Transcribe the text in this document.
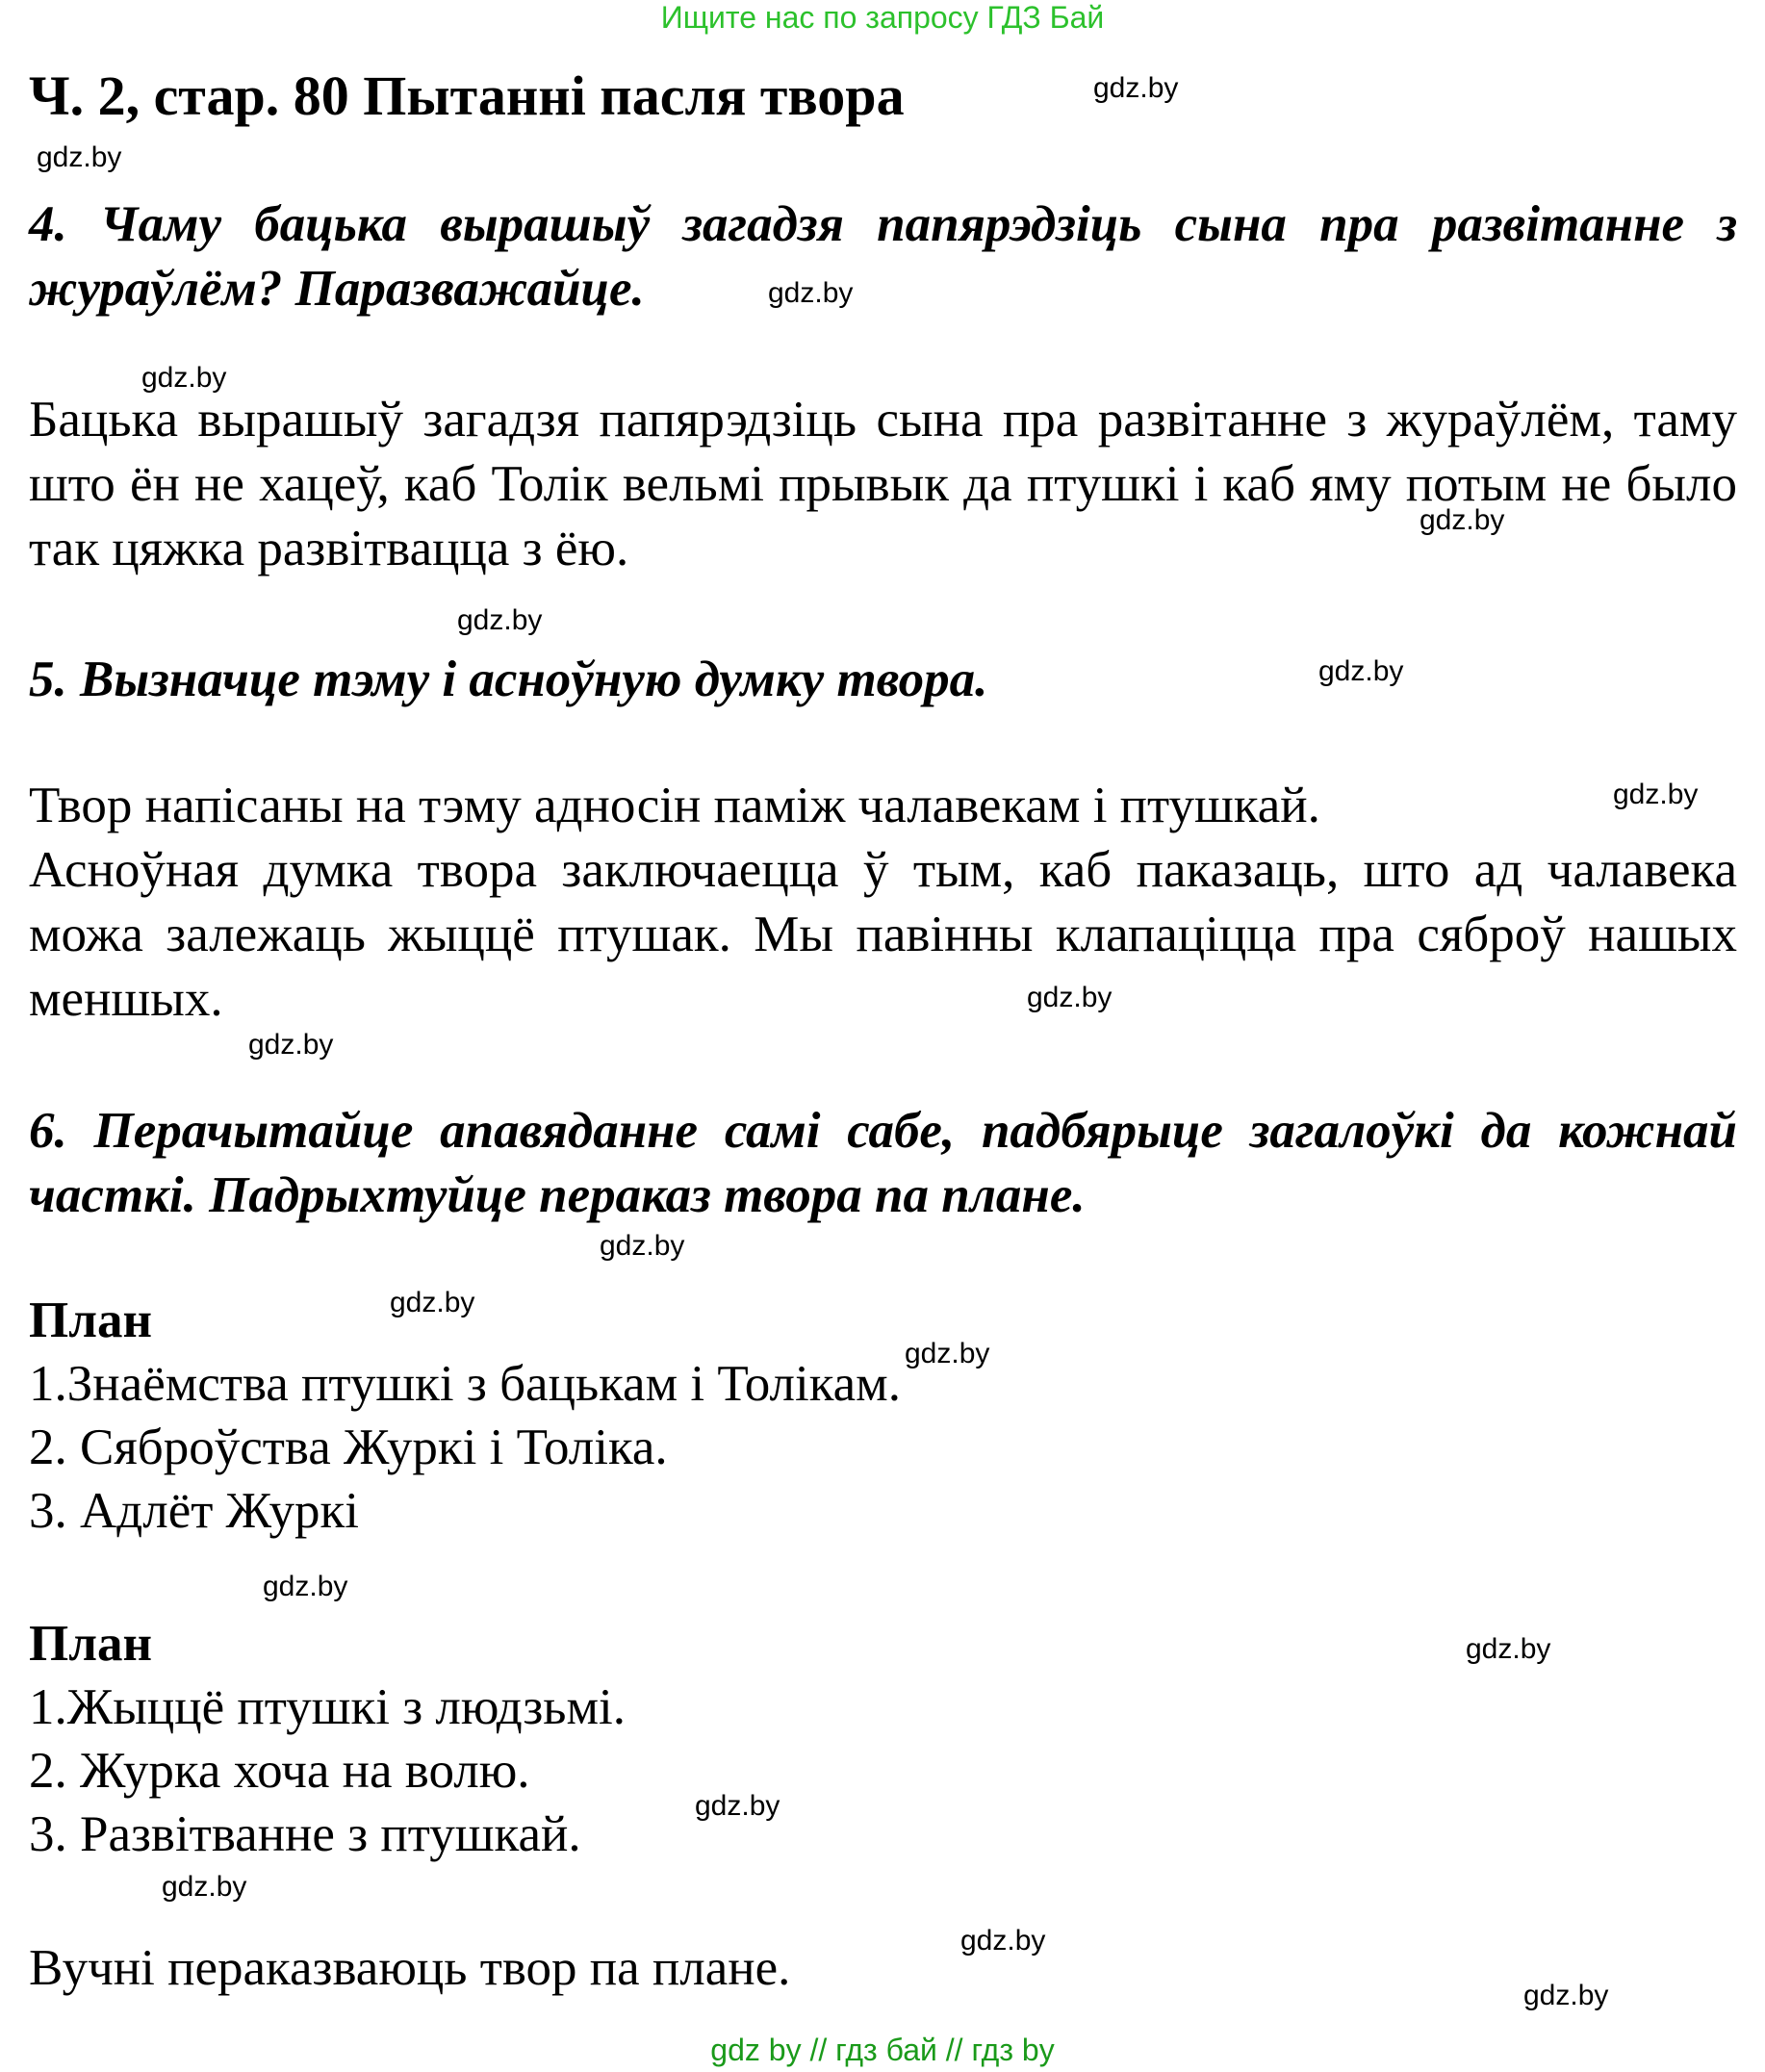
Ищите нас по запросу ГДЗ Бай
Ч. 2, стар. 80 Пытанні пасля твора
4. Чаму бацька вырашыў загадзя папярэдзіць сына пра развітанне з жураўлём? Паразважайце.
Бацька вырашыў загадзя папярэдзіць сына пра развітанне з жураўлём, таму што ён не хацеў, каб Толік вельмі прывык да птушкі і каб яму потым не было так цяжка развітвацца з ёю.
5. Вызначце тэму і асноўную думку твора.
Твор напісаны на тэму адносін паміж чалавекам і птушкай.
Асноўная думка твора заключаецца ў тым, каб паказаць, што ад чалавека можа залежаць жыццё птушак. Мы павінны клапаціцца пра сяброў нашых меншых.
6. Перачытайце апавяданне самі сабе, падбярыце загалоўкі да кожнай часткі. Падрыхтуйце пераказ твора па плане.
План
1.Знаёмства птушкі з бацькам і Толікам.
2. Сяброўства Журкі і Толіка.
3. Адлёт Журкі
План
1.Жыццё птушкі з людзьмі.
2. Журка хоча на волю.
3. Развітванне з птушкай.
Вучні пераказваюць твор па плане.
gdz.by
gdz.by
gdz.by
gdz.by
gdz.by
gdz.by
gdz.by
gdz.by
gdz.by
gdz.by
gdz.by
gdz.by
gdz.by
gdz.by
gdz.by
gdz.by
gdz.by
gdz.by
gdz.by
gdz by // гдз бай // гдз by
